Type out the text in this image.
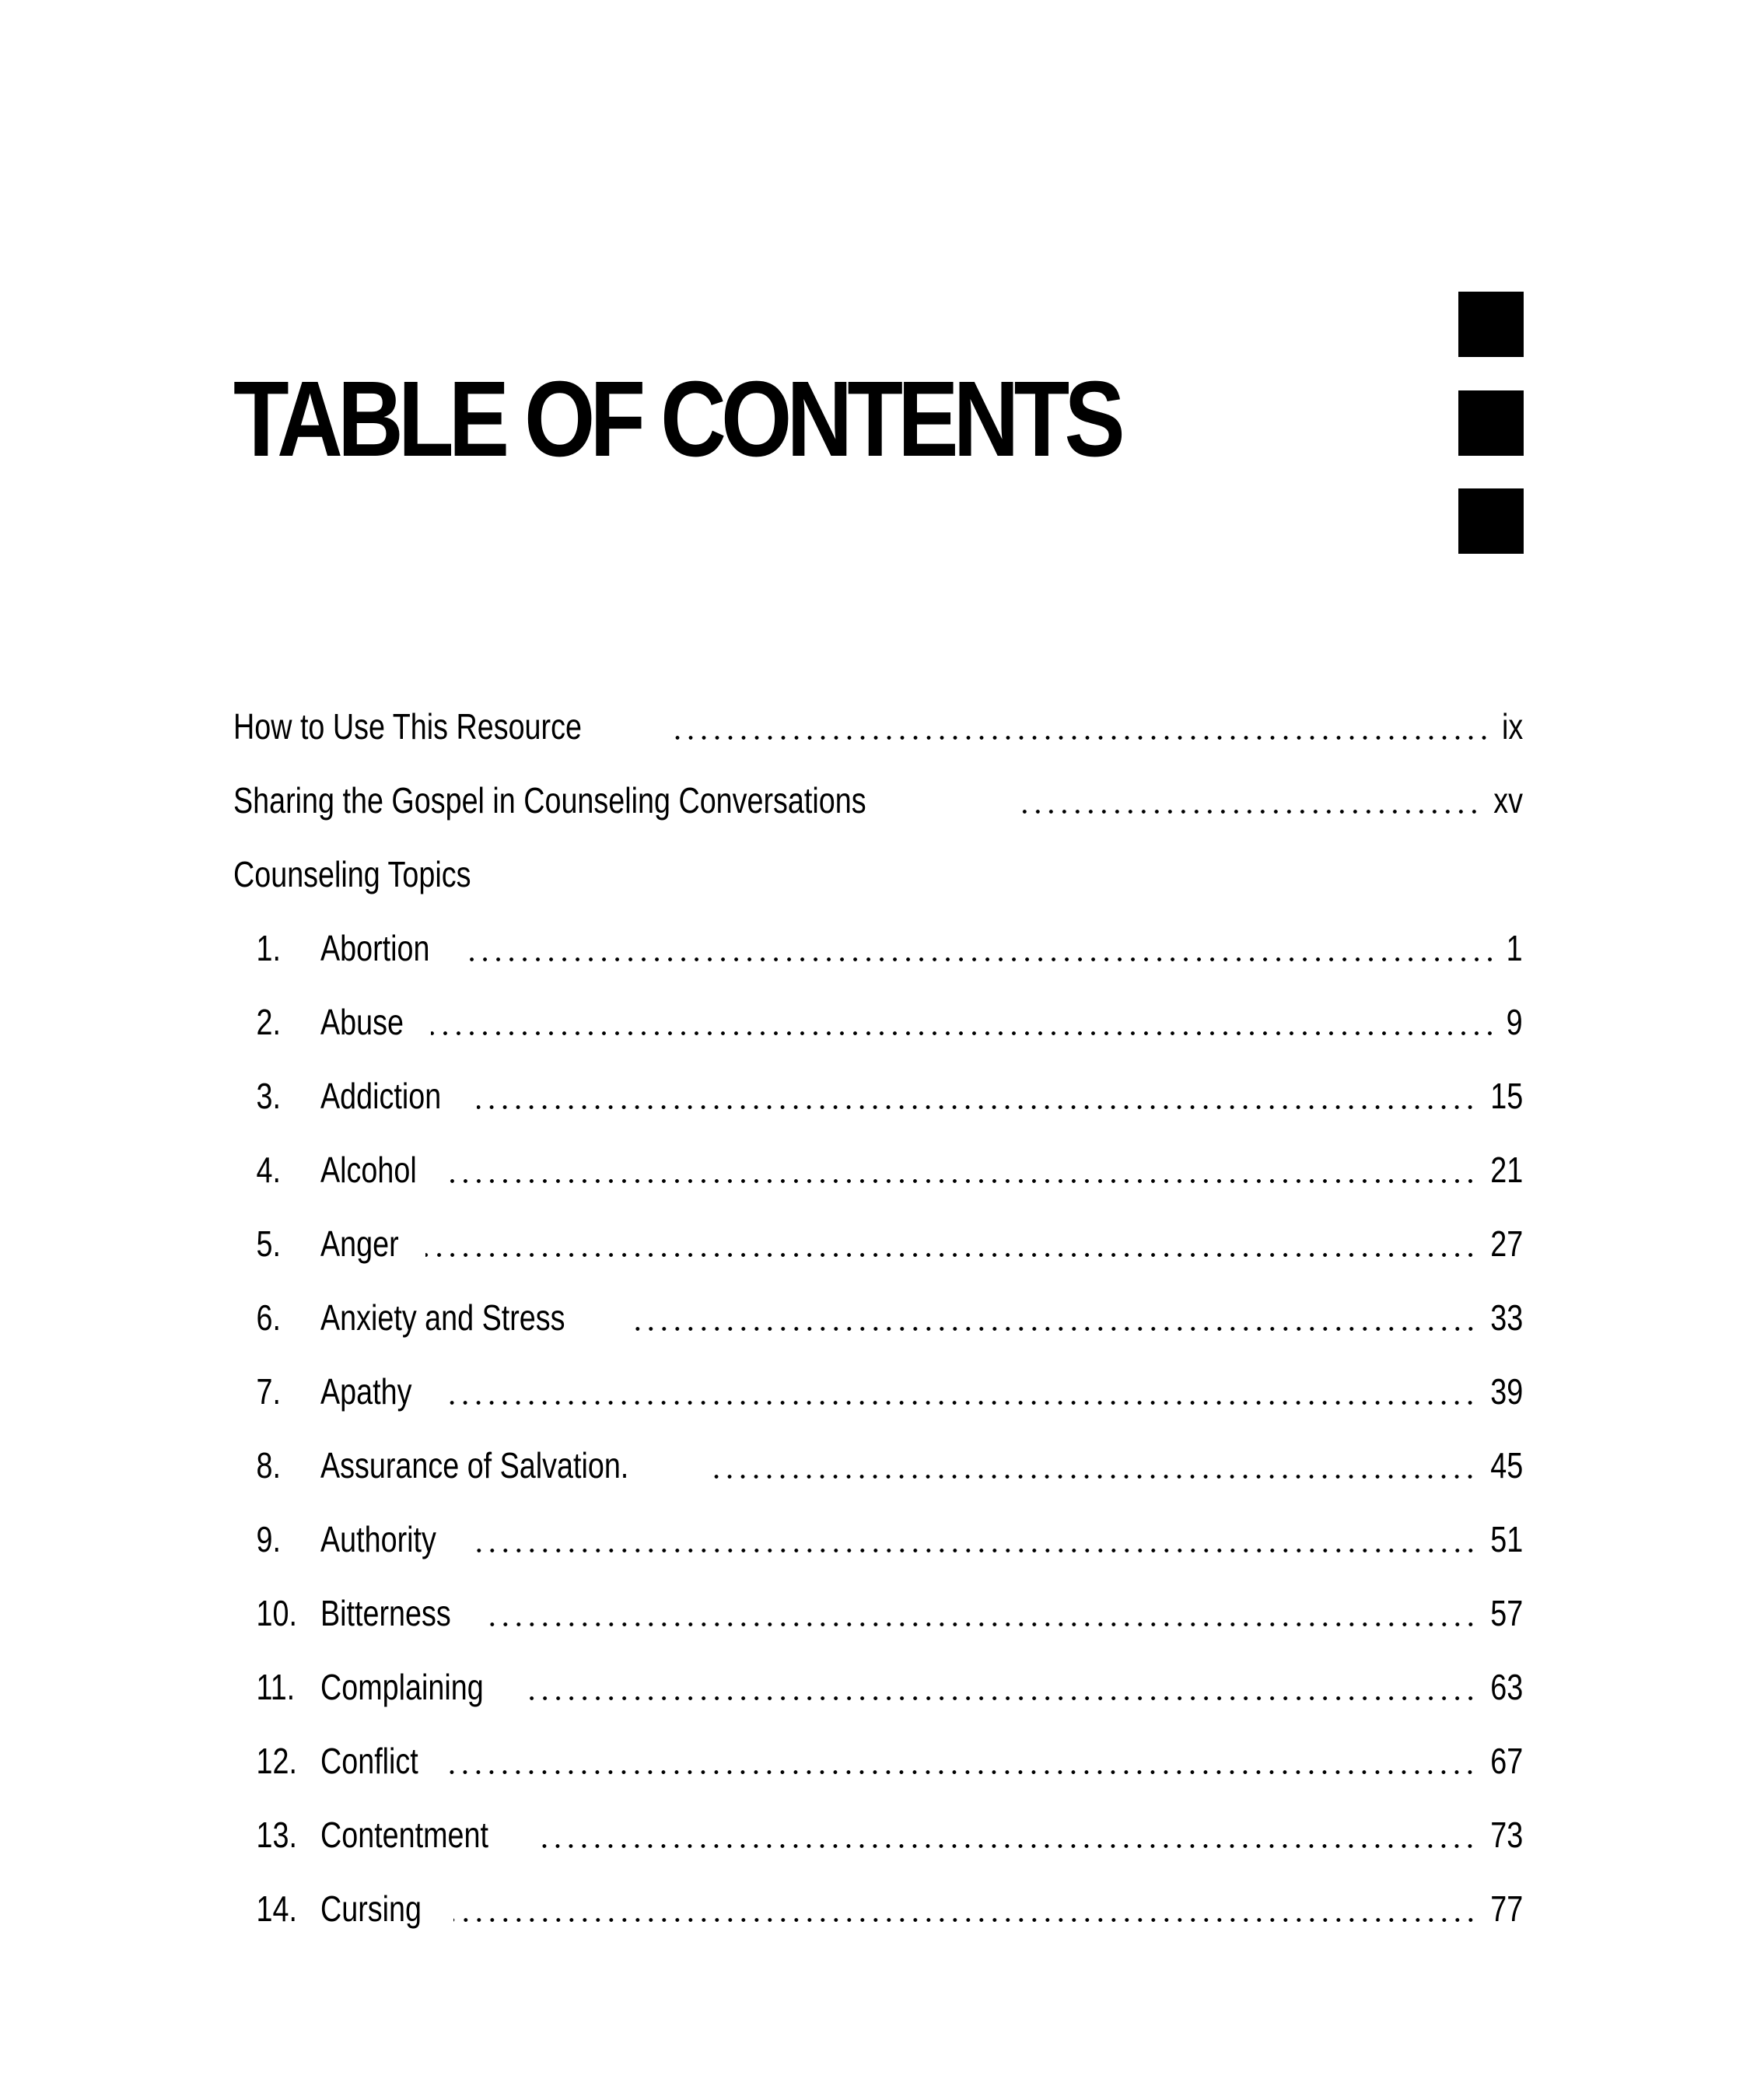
TABLE OF CONTENTS
How to Use This Resource	ix
Sharing the Gospel in Counseling Conversations	xv
Counseling Topics
1.	Abortion	1
2.	Abuse	9
3.	Addiction	15
4.	Alcohol	21
5.	Anger	27
6.	Anxiety and Stress	33
7.	Apathy	39
8.	Assurance of Salvation.	45
9.	Authority	51
10. Bitterness	57
11. Complaining	63
12. Conflict	67
13. Contentment	73
14. Cursing	77
